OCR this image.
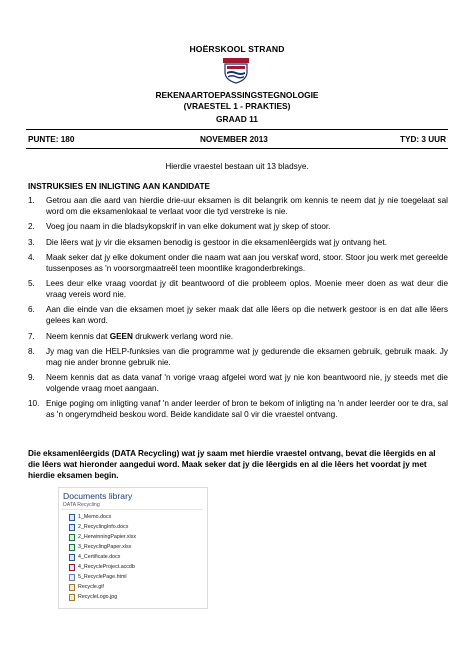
HOËRSKOOL STRAND
REKENAARTOEPASSINGSTEGNOLOGIE
(VRAESTEL 1 - PRAKTIES)
GRAAD 11
PUNTE: 180	NOVEMBER 2013	TYD: 3 UUR
Hierdie vraestel bestaan uit 13 bladsye.
INSTRUKSIES EN INLIGTING AAN KANDIDATE
1. Getrou aan die aard van hierdie drie-uur eksamen is dit belangrik om kennis te neem dat jy nie toegelaat sal word om die eksamenlokaal te verlaat voor die tyd verstreke is nie.
2. Voeg jou naam in die bladsykopskrif in van elke dokument wat jy skep of stoor.
3. Die lêers wat jy vir die eksamen benodig is gestoor in die eksamenlêergids wat jy ontvang het.
4. Maak seker dat jy elke dokument onder die naam wat aan jou verskaf word, stoor. Stoor jou werk met gereelde tussenposes as 'n voorsorgmaatreël teen moontlike kragonderbrekings.
5. Lees deur elke vraag voordat jy dit beantwoord of die probleem oplos. Moenie meer doen as wat deur die vraag vereis word nie.
6. Aan die einde van die eksamen moet jy seker maak dat alle lêers op die netwerk gestoor is en dat alle lêers gelees kan word.
7. Neem kennis dat GEEN drukwerk verlang word nie.
8. Jy mag van die HELP-funksies van die programme wat jy gedurende die eksamen gebruik, gebruik maak. Jy mag nie ander bronne gebruik nie.
9. Neem kennis dat as data vanaf 'n vorige vraag afgelei word wat jy nie kon beantwoord nie, jy steeds met die volgende vraag moet aangaan.
10. Enige poging om inligting vanaf 'n ander leerder of bron te bekom of inligting na 'n ander leerder oor te dra, sal as 'n ongerymdheid beskou word. Beide kandidate sal 0 vir die vraestel ontvang.
Die eksamenlêergids (DATA Recycling) wat jy saam met hierdie vraestel ontvang, bevat die lêergids en al die lêers wat hieronder aangedui word. Maak seker dat jy die lêergids en al die lêers het voordat jy met hierdie eksamen begin.
Documents library
DATA Recycling
1_Memo.docx
2_RecyclingInfo.docx
2_HerwinningPapier.xlsx
3_RecyclingPaper.xlsx
4_Certificate.docx
4_RecycleProject.accdb
5_RecyclePage.html
Recycle.gif
RecycleLogo.jpg
